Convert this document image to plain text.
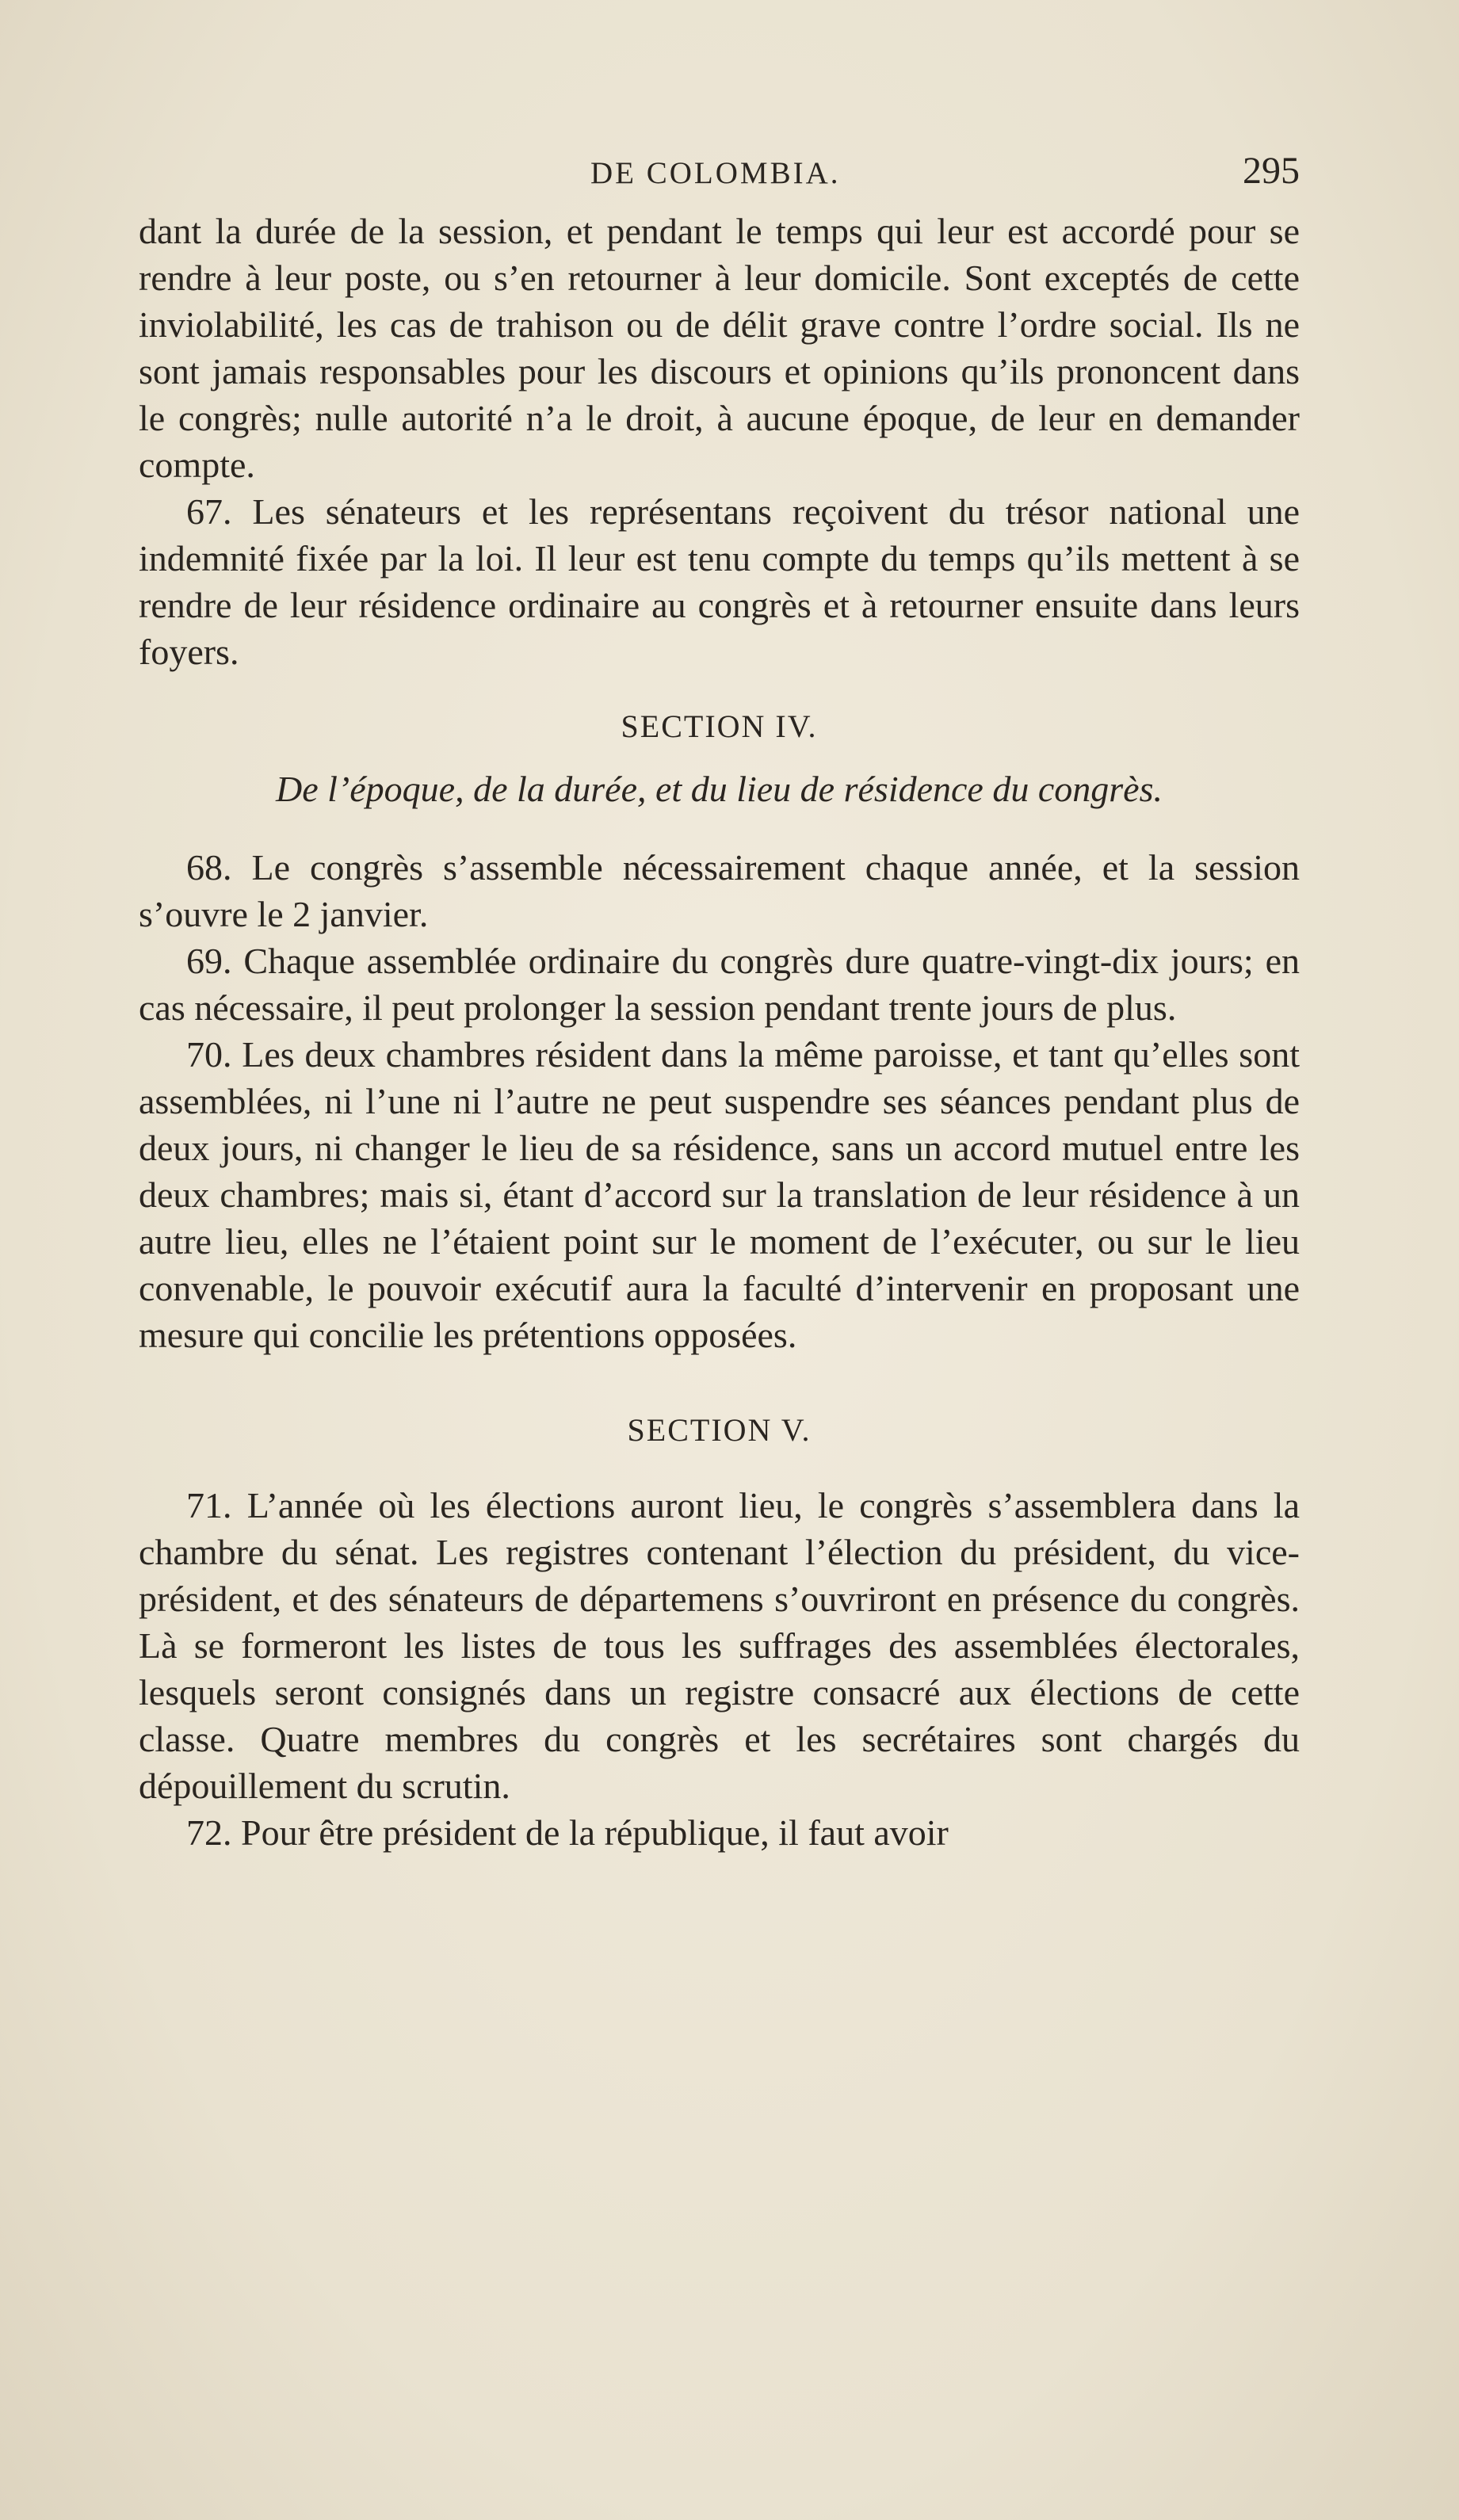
DE COLOMBIA.	295

dant la durée de la session, et pendant le temps qui leur est accordé pour se rendre à leur poste, ou s’en retourner à leur domicile. Sont exceptés de cette inviolabilité, les cas de trahison ou de délit grave contre l’ordre social. Ils ne sont jamais responsables pour les discours et opinions qu’ils prononcent dans le congrès; nulle autorité n’a le droit, à aucune époque, de leur en demander compte.

67. Les sénateurs et les représentans reçoivent du trésor national une indemnité fixée par la loi. Il leur est tenu compte du temps qu’ils mettent à se rendre de leur résidence ordinaire au congrès et à retourner ensuite dans leurs foyers.

SECTION IV.

De l’époque, de la durée, et du lieu de résidence du congrès.

68. Le congrès s’assemble nécessairement chaque année, et la session s’ouvre le 2 janvier.

69. Chaque assemblée ordinaire du congrès dure quatre-vingt-dix jours; en cas nécessaire, il peut prolonger la session pendant trente jours de plus.

70. Les deux chambres résident dans la même paroisse, et tant qu’elles sont assemblées, ni l’une ni l’autre ne peut suspendre ses séances pendant plus de deux jours, ni changer le lieu de sa résidence, sans un accord mutuel entre les deux chambres; mais si, étant d’accord sur la translation de leur résidence à un autre lieu, elles ne l’étaient point sur le moment de l’exécuter, ou sur le lieu convenable, le pouvoir exécutif aura la faculté d’intervenir en proposant une mesure qui concilie les prétentions opposées.

SECTION V.

71. L’année où les élections auront lieu, le congrès s’assemblera dans la chambre du sénat. Les registres contenant l’élection du président, du vice-président, et des sénateurs de départemens s’ouvriront en présence du congrès. Là se formeront les listes de tous les suffrages des assemblées électorales, lesquels seront consignés dans un registre consacré aux élections de cette classe. Quatre membres du congrès et les secrétaires sont chargés du dépouillement du scrutin.

72. Pour être président de la république, il faut avoir
